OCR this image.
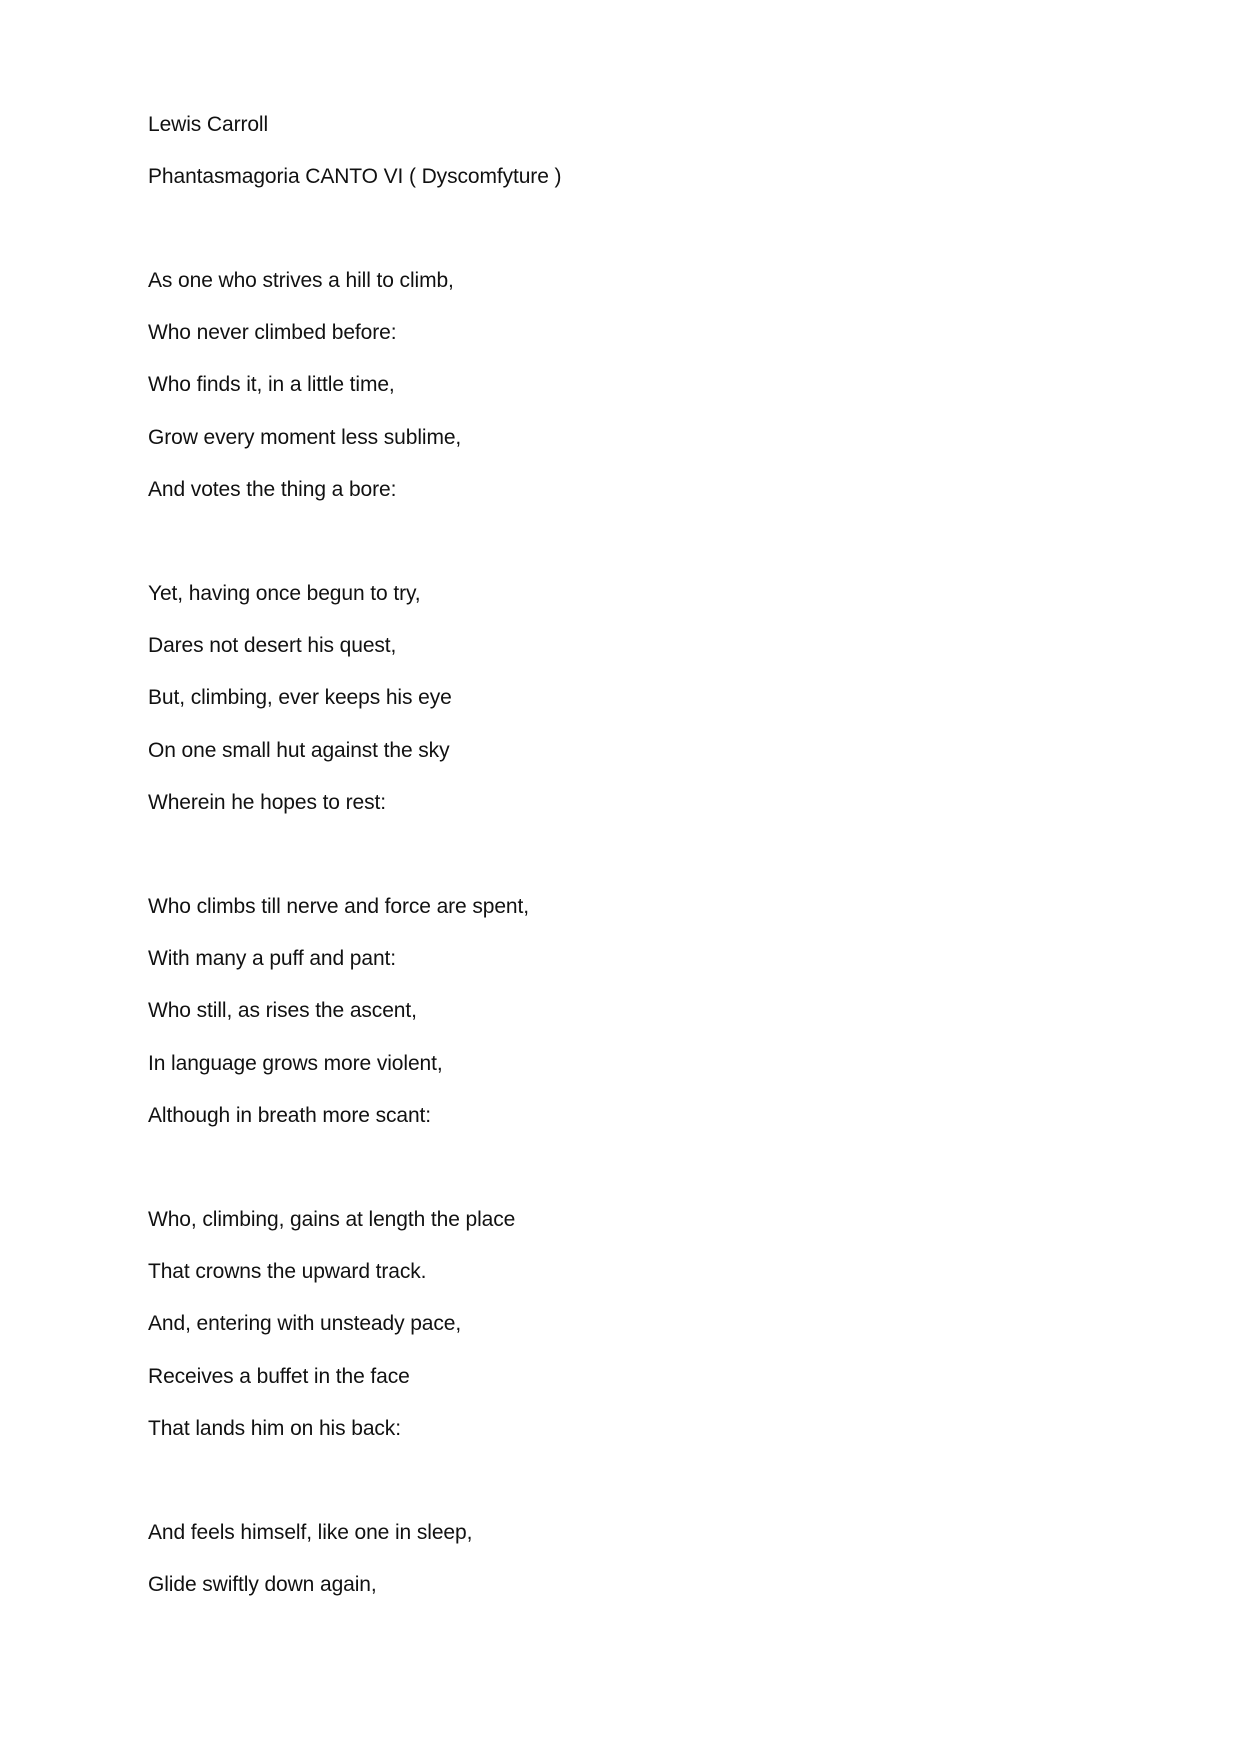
Lewis Carroll
Phantasmagoria CANTO VI ( Dyscomfyture )
As one who strives a hill to climb,
Who never climbed before:
Who finds it, in a little time,
Grow every moment less sublime,
And votes the thing a bore:
Yet, having once begun to try,
Dares not desert his quest,
But, climbing, ever keeps his eye
On one small hut against the sky
Wherein he hopes to rest:
Who climbs till nerve and force are spent,
With many a puff and pant:
Who still, as rises the ascent,
In language grows more violent,
Although in breath more scant:
Who, climbing, gains at length the place
That crowns the upward track.
And, entering with unsteady pace,
Receives a buffet in the face
That lands him on his back:
And feels himself, like one in sleep,
Glide swiftly down again,
